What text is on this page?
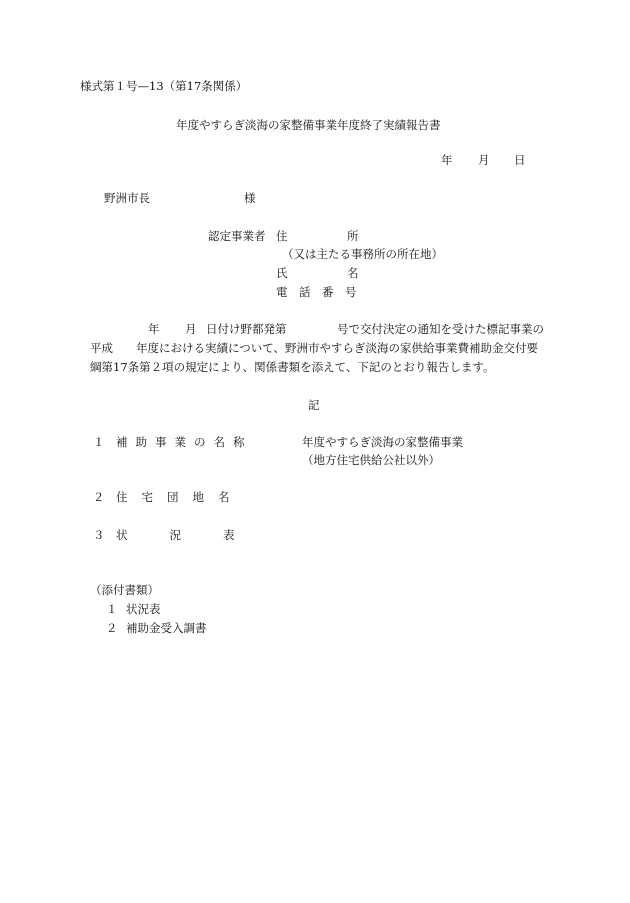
様式第１号—13（第17条関係）
年度やすらぎ淡海の家整備事業年度終了実績報告書
年 月 日
野洲市長	様
認定事業者 住	所
（又は主たる事務所の所在地）
氏	名
電　話　番　号
年 月 日付け野都発第	号で交付決定の通知を受けた標記事業の
平成　　年度における実績について、野洲市やすらぎ淡海の家供給事業費補助金交付要
綱第17条第２項の規定により、関係書類を添えて、下記のとおり報告します。
記
１ 補助事業の名称	年度やすらぎ淡海の家整備事業
（地方住宅供給公社以外）
２ 住宅団地名
３ 状況表
（添付書類）
１ 状況表
２ 補助金受入調書
